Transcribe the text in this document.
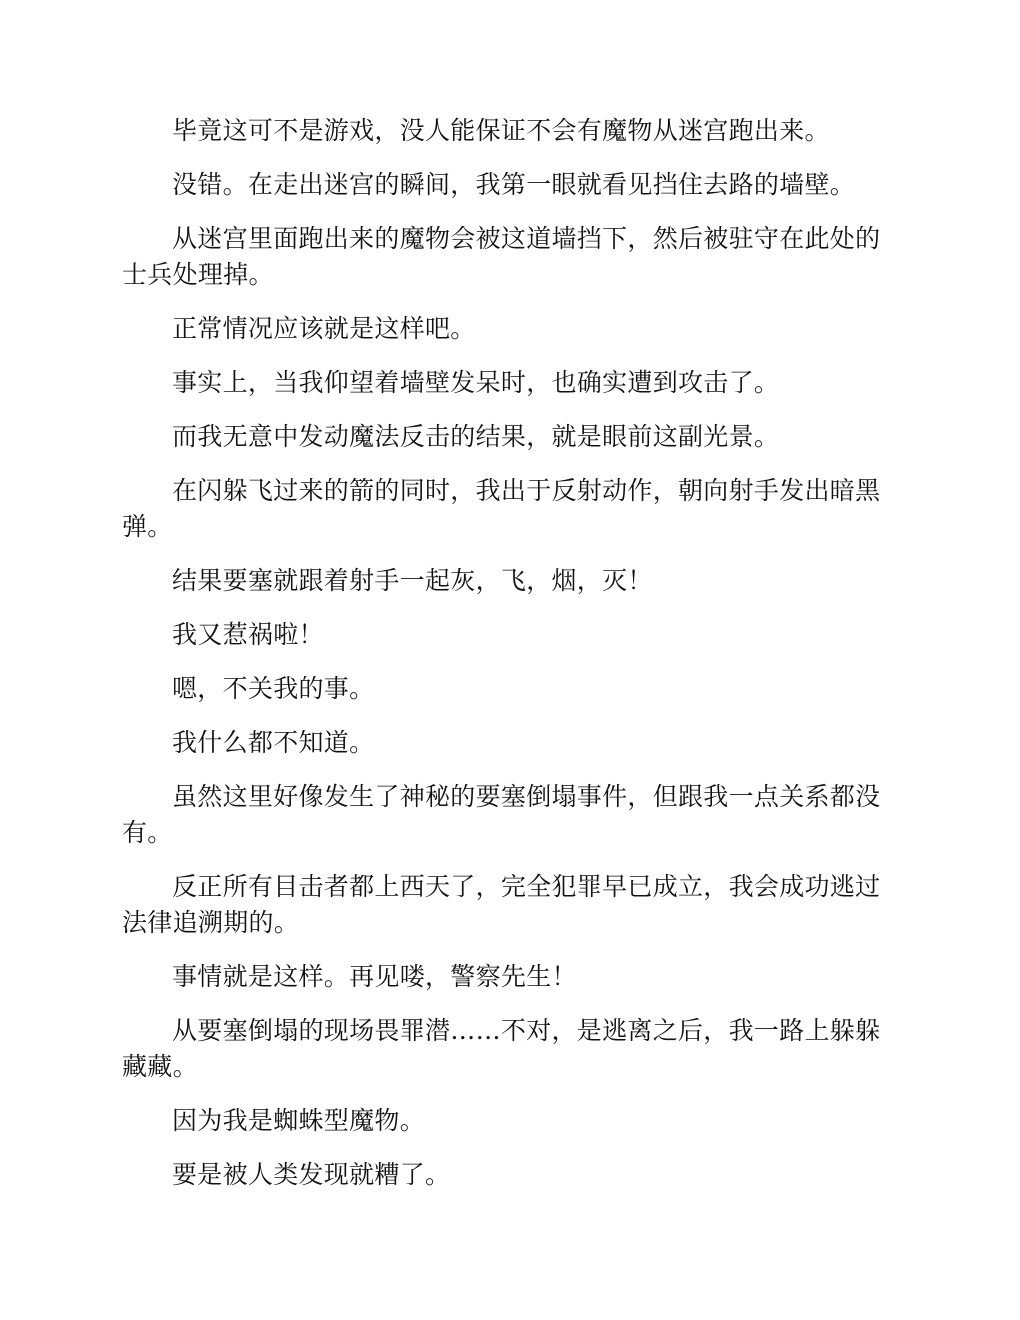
毕竟这可不是游戏，没人能保证不会有魔物从迷宫跑出来。

没错。在走出迷宫的瞬间，我第一眼就看见挡住去路的墙壁。

从迷宫里面跑出来的魔物会被这道墙挡下，然后被驻守在此处的士兵处理掉。

正常情况应该就是这样吧。

事实上，当我仰望着墙壁发呆时，也确实遭到攻击了。

而我无意中发动魔法反击的结果，就是眼前这副光景。

在闪躲飞过来的箭的同时，我出于反射动作，朝向射手发出暗黑弹。

结果要塞就跟着射手一起灰，飞，烟，灭！

我又惹祸啦！

嗯，不关我的事。

我什么都不知道。

虽然这里好像发生了神秘的要塞倒塌事件，但跟我一点关系都没有。

反正所有目击者都上西天了，完全犯罪早已成立，我会成功逃过法律追溯期的。

事情就是这样。再见喽，警察先生！

从要塞倒塌的现场畏罪潜……不对，是逃离之后，我一路上躲躲藏藏。

因为我是蜘蛛型魔物。

要是被人类发现就糟了。
